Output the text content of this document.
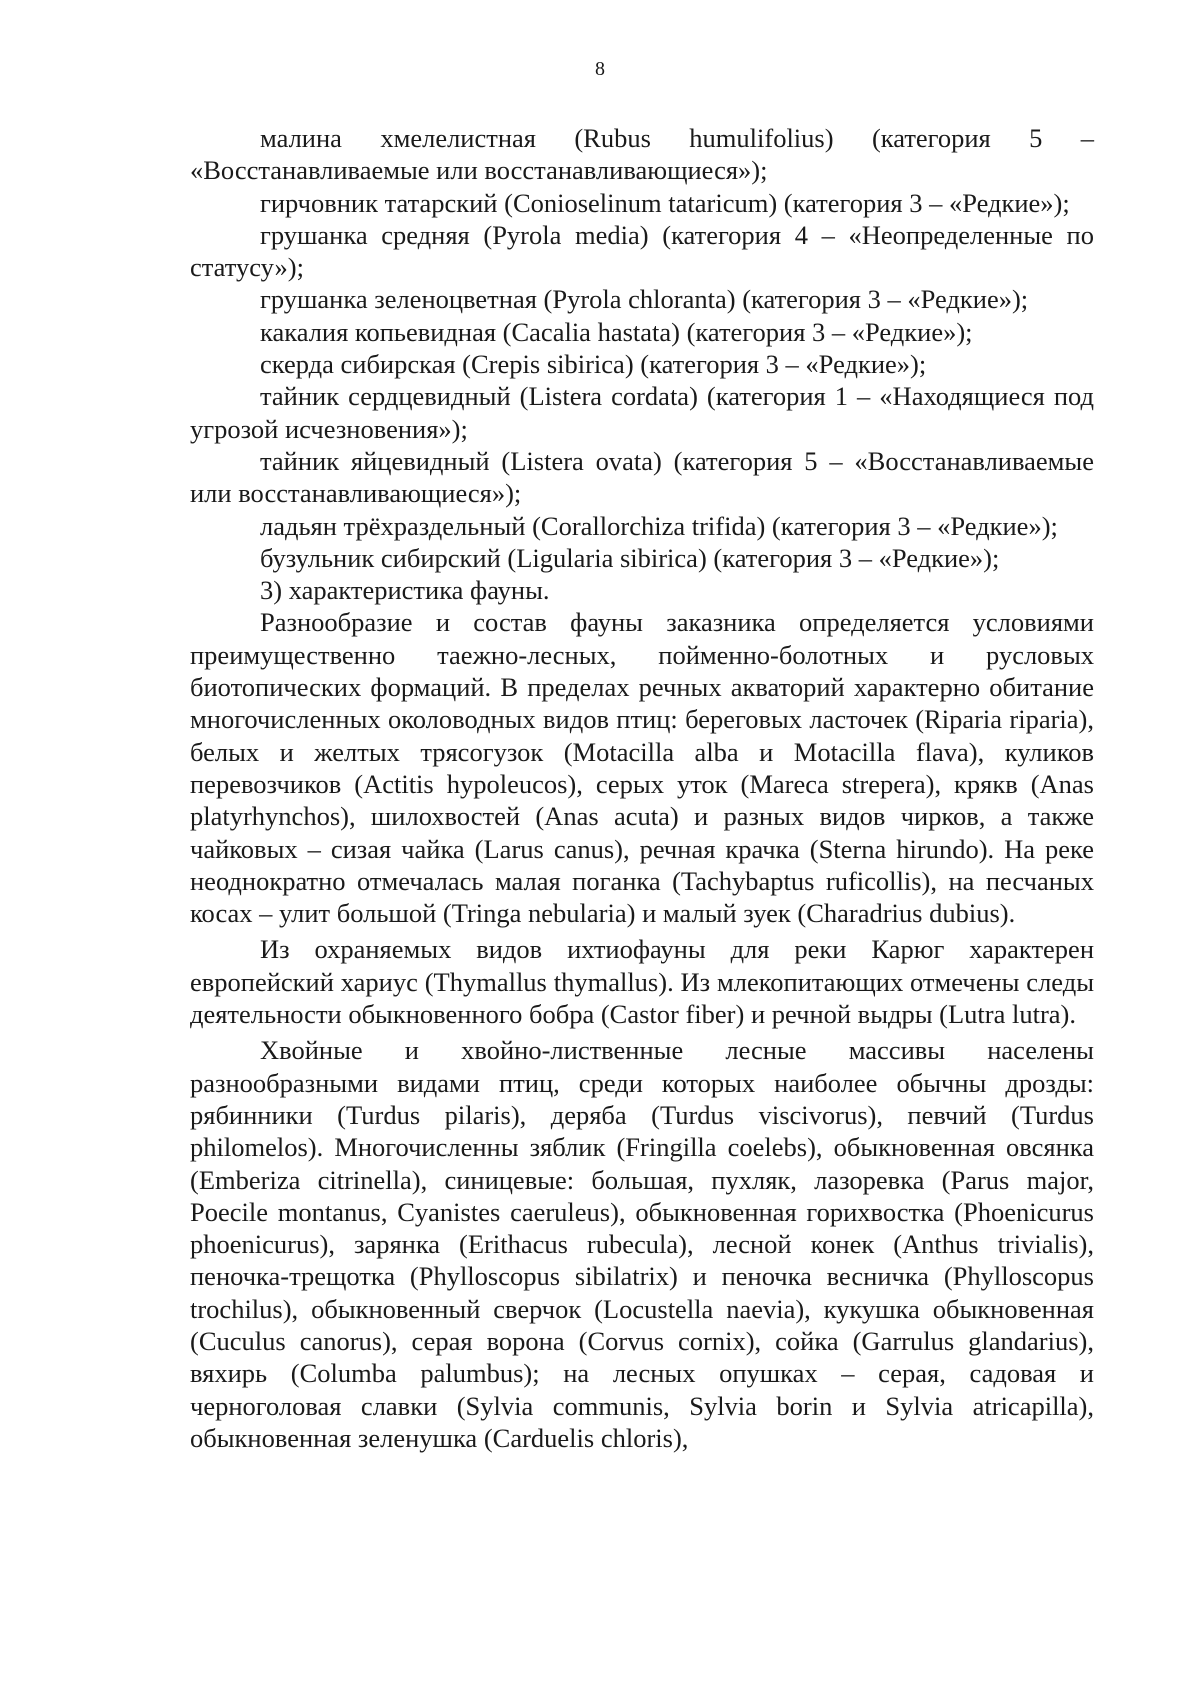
8

малина хмелелистная (Rubus humulifolius) (категория 5 – «Восстанавливаемые или восстанавливающиеся»);

гирчовник татарский (Conioselinum tataricum) (категория 3 – «Редкие»);

грушанка средняя (Pyrola media) (категория 4 – «Неопределенные по статусу»);

грушанка зеленоцветная (Pyrola chloranta) (категория 3 – «Редкие»);

какалия копьевидная (Cacalia hastata) (категория 3 – «Редкие»);

скерда сибирская (Crepis sibirica) (категория 3 – «Редкие»);

тайник сердцевидный (Listera cordata) (категория 1 – «Находящиеся под угрозой исчезновения»);

тайник яйцевидный (Listera ovata) (категория 5 – «Восстанавливаемые или восстанавливающиеся»);

ладьян трёхраздельный (Corallorchiza trifida) (категория 3 – «Редкие»);

бузульник сибирский (Ligularia sibirica) (категория 3 – «Редкие»);

3) характеристика фауны.

Разнообразие и состав фауны заказника определяется условиями преимущественно таежно-лесных, пойменно-болотных и русловых биотопических формаций. В пределах речных акваторий характерно обитание многочисленных околоводных видов птиц: береговых ласточек (Riparia riparia), белых и желтых трясогузок (Motacilla alba и Motacilla flava), куликов перевозчиков (Actitis hypoleucos), серых уток (Mareca strepera), крякв (Anas platyrhynchos), шилохвостей (Anas acuta) и разных видов чирков, а также чайковых – сизая чайка (Larus canus), речная крачка (Sterna hirundo). На реке неоднократно отмечалась малая поганка (Tachybaptus ruficollis), на песчаных косах – улит большой (Tringa nebularia) и малый зуек (Charadrius dubius).

Из охраняемых видов ихтиофауны для реки Карюг характерен европейский хариус (Thymallus thymallus). Из млекопитающих отмечены следы деятельности обыкновенного бобра (Castor fiber) и речной выдры (Lutra lutra).

Хвойные и хвойно-лиственные лесные массивы населены разнообразными видами птиц, среди которых наиболее обычны дрозды: рябинники (Turdus pilaris), деряба (Turdus viscivorus), певчий (Turdus philomelos). Многочисленны зяблик (Fringilla coelebs), обыкновенная овсянка (Emberiza citrinella), синицевые: большая, пухляк, лазоревка (Parus major, Poecile montanus, Cyanistes caeruleus), обыкновенная горихвостка (Phoenicurus phoenicurus), зарянка (Erithacus rubecula), лесной конек (Anthus trivialis), пеночка-трещотка (Phylloscopus sibilatrix) и пеночка весничка (Phylloscopus trochilus), обыкновенный сверчок (Locustella naevia), кукушка обыкновенная (Cuculus canorus), серая ворона (Corvus cornix), сойка (Garrulus glandarius), вяхирь (Columba palumbus); на лесных опушках – серая, садовая и черноголовая славки (Sylvia communis, Sylvia borin и Sylvia atricapilla), обыкновенная зеленушка (Carduelis chloris),
